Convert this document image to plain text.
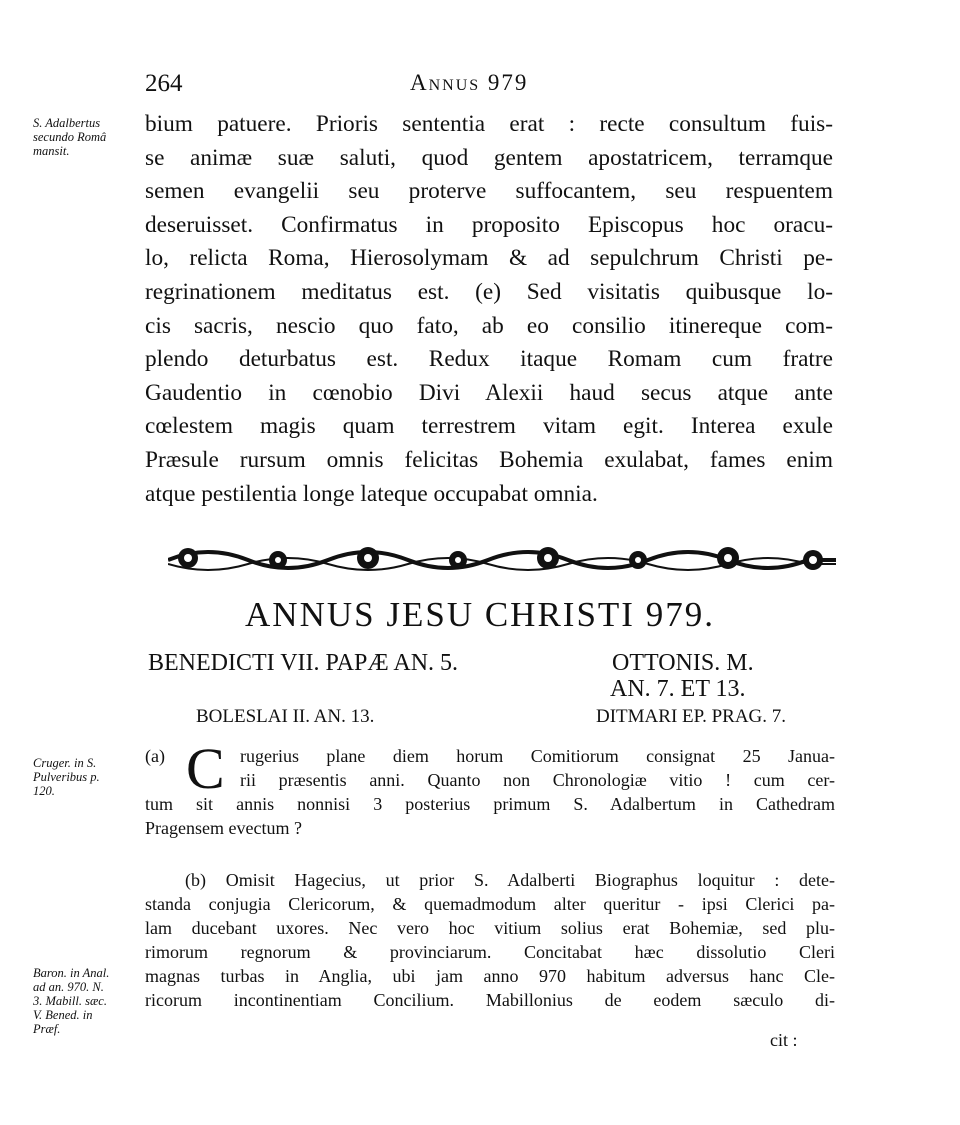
264	Annus 979
S. Adalbertus
secundo Româ
mansit.
bium patuere. Prioris sententia erat : recte consultum fuis-
se animæ suæ saluti, quod gentem apostatricem, terramque
semen evangelii seu proterve suffocantem, seu respuentem
deseruisset. Confirmatus in proposito Episcopus hoc oracu-
lo, relicta Roma, Hierosolymam & ad sepulchrum Christi pe-
regrinationem meditatus est. (e) Sed visitatis quibusque lo-
cis sacris, nescio quo fato, ab eo consilio itinereque com-
plendo deturbatus est. Redux itaque Romam cum fratre
Gaudentio in cœnobio Divi Alexii haud secus atque ante
cœlestem magis quam terrestrem vitam egit. Interea exule
Præsule rursum omnis felicitas Bohemia exulabat, fames enim
atque pestilentia longe lateque occupabat omnia.
ANNUS JESU CHRISTI 979.
BENEDICTI VII. PAPÆ AN. 5.	OTTONIS. M.
AN. 7. ET 13.
BOLESLAI II. AN. 13.	DITMARI EP. PRAG. 7.
Cruger. in S.
Pulveribus p.
120.
(a) C rugerius plane diem horum Comitiorum consignat 25 Janua-
rii præsentis anni. Quanto non Chronologiæ vitio ! cum cer-
tum sit annis nonnisi 3 posterius primum S. Adalbertum in Cathedram
Pragensem evectum ?
(b) Omisit Hagecius, ut prior S. Adalberti Biographus loquitur : dete-
standa conjugia Clericorum, & quemadmodum alter queritur - ipsi Clerici pa-
lam ducebant uxores. Nec vero hoc vitium solius erat Bohemiæ, sed plu-
rimorum regnorum & provinciarum. Concitabat hæc dissolutio Cleri
magnas turbas in Anglia, ubi jam anno 970 habitum adversus hanc Cle-
ricorum incontinentiam Concilium. Mabillonius de eodem sæculo di-
Baron. in Anal.
ad an. 970. N.
3. Mabill. sæc.
V. Bened. in
Præf.
cit :
